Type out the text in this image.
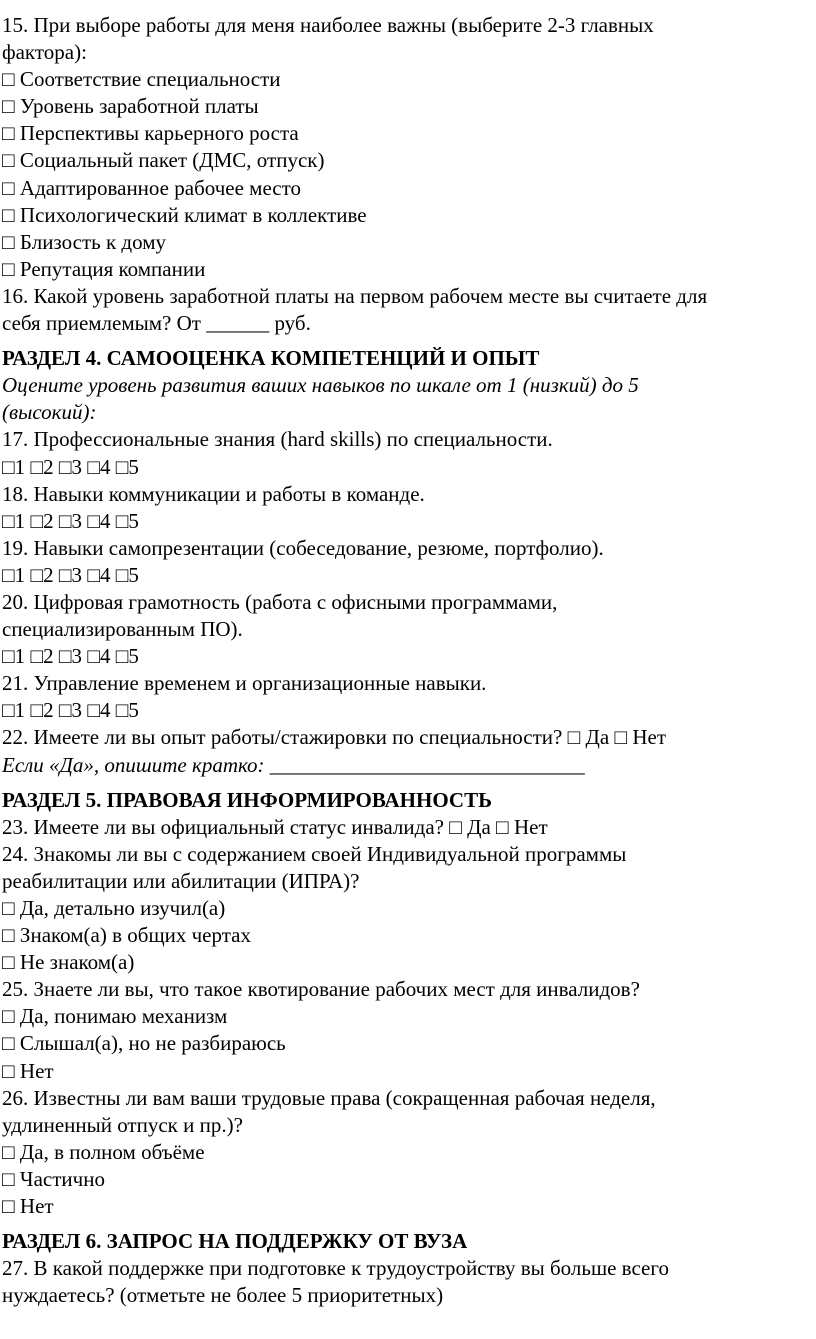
15. При выборе работы для меня наиболее важны (выберите 2-3 главных
фактора):
□ Соответствие специальности
□ Уровень заработной платы
□ Перспективы карьерного роста
□ Социальный пакет (ДМС, отпуск)
□ Адаптированное рабочее место
□ Психологический климат в коллективе
□ Близость к дому
□ Репутация компании
16. Какой уровень заработной платы на первом рабочем месте вы считаете для
себя приемлемым? От ______ руб.
РАЗДЕЛ 4. САМООЦЕНКА КОМПЕТЕНЦИЙ И ОПЫТ
Оцените уровень развития ваших навыков по шкале от 1 (низкий) до 5
(высокий):
17. Профессиональные знания (hard skills) по специальности.
□1 □2 □3 □4 □5
18. Навыки коммуникации и работы в команде.
□1 □2 □3 □4 □5
19. Навыки самопрезентации (собеседование, резюме, портфолио).
□1 □2 □3 □4 □5
20. Цифровая грамотность (работа с офисными программами,
специализированным ПО).
□1 □2 □3 □4 □5
21. Управление временем и организационные навыки.
□1 □2 □3 □4 □5
22. Имеете ли вы опыт работы/стажировки по специальности? □ Да □ Нет
Если «Да», опишите кратко: ______________________________
РАЗДЕЛ 5. ПРАВОВАЯ ИНФОРМИРОВАННОСТЬ
23. Имеете ли вы официальный статус инвалида? □ Да □ Нет
24. Знакомы ли вы с содержанием своей Индивидуальной программы
реабилитации или абилитации (ИПРА)?
□ Да, детально изучил(а)
□ Знаком(а) в общих чертах
□ Не знаком(а)
25. Знаете ли вы, что такое квотирование рабочих мест для инвалидов?
□ Да, понимаю механизм
□ Слышал(а), но не разбираюсь
□ Нет
26. Известны ли вам ваши трудовые права (сокращенная рабочая неделя,
удлиненный отпуск и пр.)?
□ Да, в полном объёме
□ Частично
□ Нет
РАЗДЕЛ 6. ЗАПРОС НА ПОДДЕРЖКУ ОТ ВУЗА
27. В какой поддержке при подготовке к трудоустройству вы больше всего
нуждаетесь? (отметьте не более 5 приоритетных)
